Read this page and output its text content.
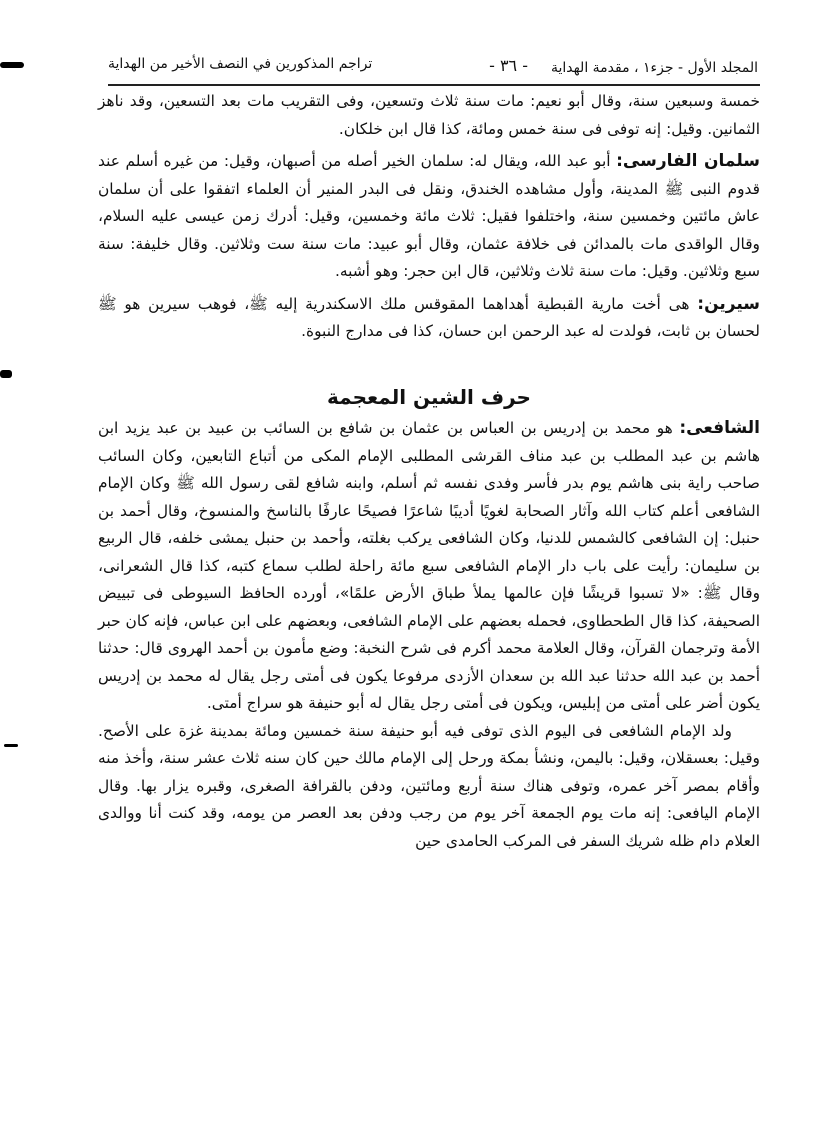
المجلد الأول - جزء١ ، مقدمة الهداية
- ٣٦ -
تراجم المذكورين في النصف الأخير من الهداية

خمسة وسبعين سنة، وقال أبو نعيم: مات سنة ثلاث وتسعين، وفى التقريب مات بعد التسعين، وقد ناهز الثمانين. وقيل: إنه توفى فى سنة خمس ومائة، كذا قال ابن خلكان.

سلمان الفارسى: أبو عبد الله، ويقال له: سلمان الخير أصله من أصبهان، وقيل: من غيره أسلم عند قدوم النبى ﷺ المدينة، وأول مشاهده الخندق، ونقل فى البدر المنير أن العلماء اتفقوا على أن سلمان عاش مائتين وخمسين سنة، واختلفوا فقيل: ثلاث مائة وخمسين، وقيل: أدرك زمن عيسى عليه السلام، وقال الواقدى مات بالمدائن فى خلافة عثمان، وقال أبو عبيد: مات سنة ست وثلاثين. وقال خليفة: سنة سبع وثلاثين. وقيل: مات سنة ثلاث وثلاثين، قال ابن حجر: وهو أشبه.

سيرين: هى أخت مارية القبطية أهداهما المقوقس ملك الاسكندرية إليه ﷺ، فوهب سيرين هو ﷺ لحسان بن ثابت، فولدت له عبد الرحمن ابن حسان، كذا فى مدارج النبوة.

حرف الشين المعجمة

الشافعى: هو محمد بن إدريس بن العباس بن عثمان بن شافع بن السائب بن عبيد بن عبد يزيد ابن هاشم بن عبد المطلب بن عبد مناف القرشى المطلبى الإمام المكى من أتباع التابعين، وكان السائب صاحب راية بنى هاشم يوم بدر فأسر وفدى نفسه ثم أسلم، وابنه شافع لقى رسول الله ﷺ وكان الإمام الشافعى أعلم كتاب الله وآثار الصحابة لغويًا أديبًا شاعرًا فصيحًا عارفًا بالناسخ والمنسوخ، وقال أحمد بن حنبل: إن الشافعى كالشمس للدنيا، وكان الشافعى يركب بغلته، وأحمد بن حنبل يمشى خلفه، قال الربيع بن سليمان: رأيت على باب دار الإمام الشافعى سبع مائة راحلة لطلب سماع كتبه، كذا قال الشعرانى، وقال ﷺ: «لا تسبوا قريشًا فإن عالمها يملأ طباق الأرض علمًا»، أورده الحافظ السيوطى فى تبييض الصحيفة، كذا قال الطحطاوى، فحمله بعضهم على الإمام الشافعى، وبعضهم على ابن عباس، فإنه كان حبر الأمة وترجمان القرآن، وقال العلامة محمد أكرم فى شرح النخبة: وضع مأمون بن أحمد الهروى قال: حدثنا أحمد بن عبد الله حدثنا عبد الله بن سعدان الأزدى مرفوعا يكون فى أمتى رجل يقال له محمد بن إدريس يكون أضر على أمتى من إبليس، ويكون فى أمتى رجل يقال له أبو حنيفة هو سراج أمتى.

ولد الإمام الشافعى فى اليوم الذى توفى فيه أبو حنيفة سنة خمسين ومائة بمدينة غزة على الأصح. وقيل: بعسقلان، وقيل: باليمن، ونشأ بمكة ورحل إلى الإمام مالك حين كان سنه ثلاث عشر سنة، وأخذ منه وأقام بمصر آخر عمره، وتوفى هناك سنة أربع ومائتين، ودفن بالقرافة الصغرى، وقبره يزار بها. وقال الإمام اليافعى: إنه مات يوم الجمعة آخر يوم من رجب ودفن بعد العصر من يومه، وقد كنت أنا ووالدى العلام دام ظله شريك السفر فى المركب الحامدى حين
